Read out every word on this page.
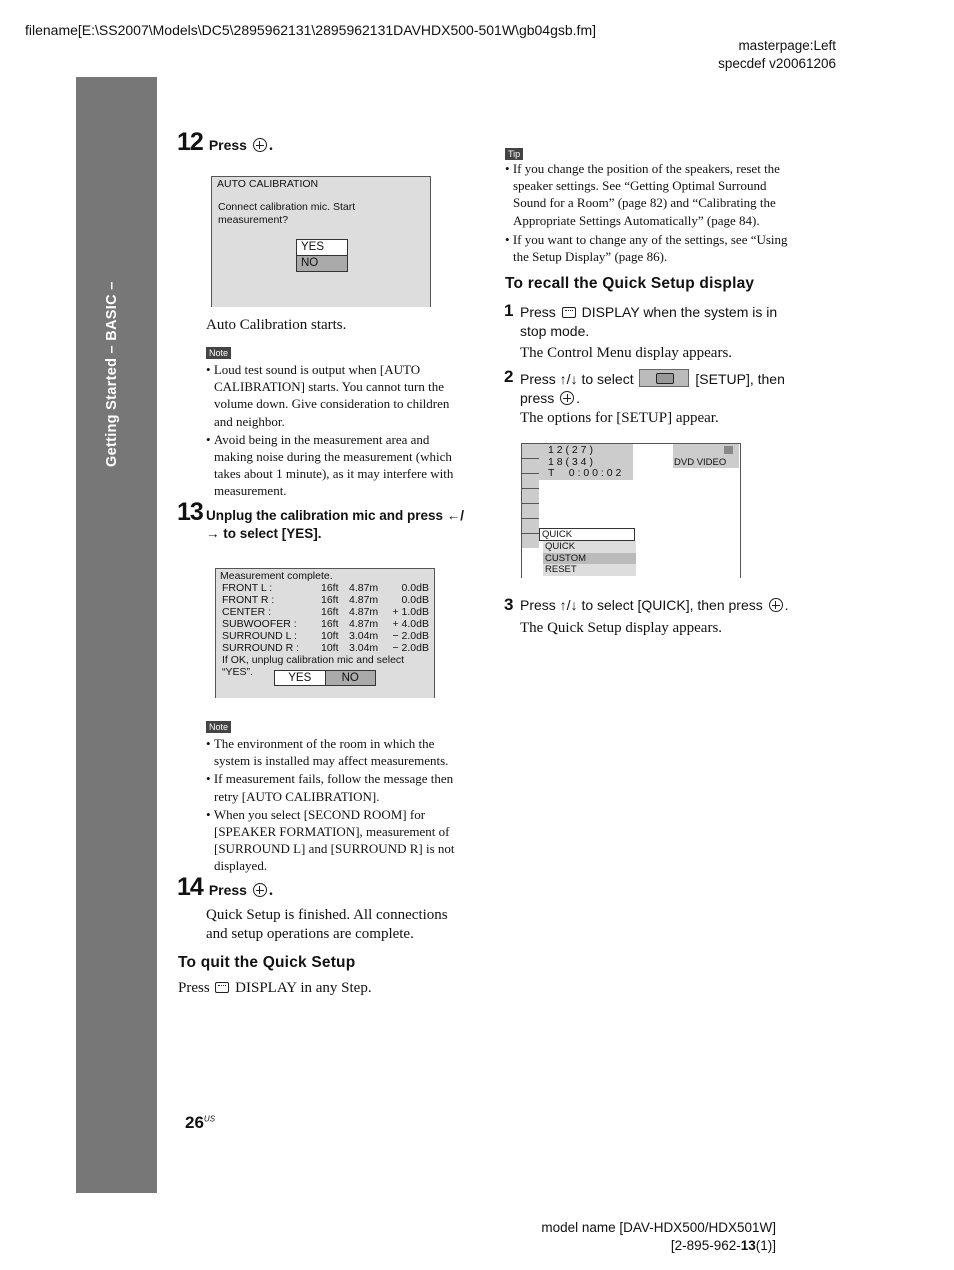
filename[E:\SS2007\Models\DC5\2895962131\2895962131DAVHDX500-501W\gb04gsb.fm]
masterpage:Left
specdef v20061206
Getting Started – BASIC –
12 Press .
AUTO CALIBRATION
Connect calibration mic. Start
measurement?
YES
NO
Auto Calibration starts.
Note
• Loud test sound is output when [AUTO CALIBRATION] starts. You cannot turn the volume down. Give consideration to children and neighbor.
• Avoid being in the measurement area and making noise during the measurement (which takes about 1 minute), as it may interfere with measurement.
13 Unplug the calibration mic and press ←/
→ to select [YES].
Measurement complete.
FRONT L :	16ft 4.87m	0.0dB
FRONT R :	16ft 4.87m	0.0dB
CENTER :	16ft 4.87m	+ 1.0dB
SUBWOOFER :	16ft 4.87m	+ 4.0dB
SURROUND L :	10ft 3.04m	− 2.0dB
SURROUND R :	10ft 3.04m	− 2.0dB
If OK, unplug calibration mic and select
“YES”.	YES	NO
Note
• The environment of the room in which the system is installed may affect measurements.
• If measurement fails, follow the message then retry [AUTO CALIBRATION].
• When you select [SECOND ROOM] for [SPEAKER FORMATION], measurement of [SURROUND L] and [SURROUND R] is not displayed.
14 Press .
Quick Setup is finished. All connections and setup operations are complete.
To quit the Quick Setup
Press DISPLAY in any Step.
$26^{US}$
Tip
• If you change the position of the speakers, reset the speaker settings. See “Getting Optimal Surround Sound for a Room” (page 82) and “Calibrating the Appropriate Settings Automatically” (page 84).
• If you want to change any of the settings, see “Using the Setup Display” (page 86).
To recall the Quick Setup display
1 Press DISPLAY when the system is in
stop mode.
The Control Menu display appears.
2 Press ↑/↓ to select	[SETUP], then
press .
The options for [SETUP] appear.
1 2 ( 2 7 )
1 8 ( 3 4 )
T     0 : 0 0 : 0 2
DVD VIDEO
QUICK
QUICK
CUSTOM
RESET
3 Press ↑/↓ to select [QUICK], then press .
The Quick Setup display appears.
model name [DAV-HDX500/HDX501W]
[2-895-962-13(1)]
